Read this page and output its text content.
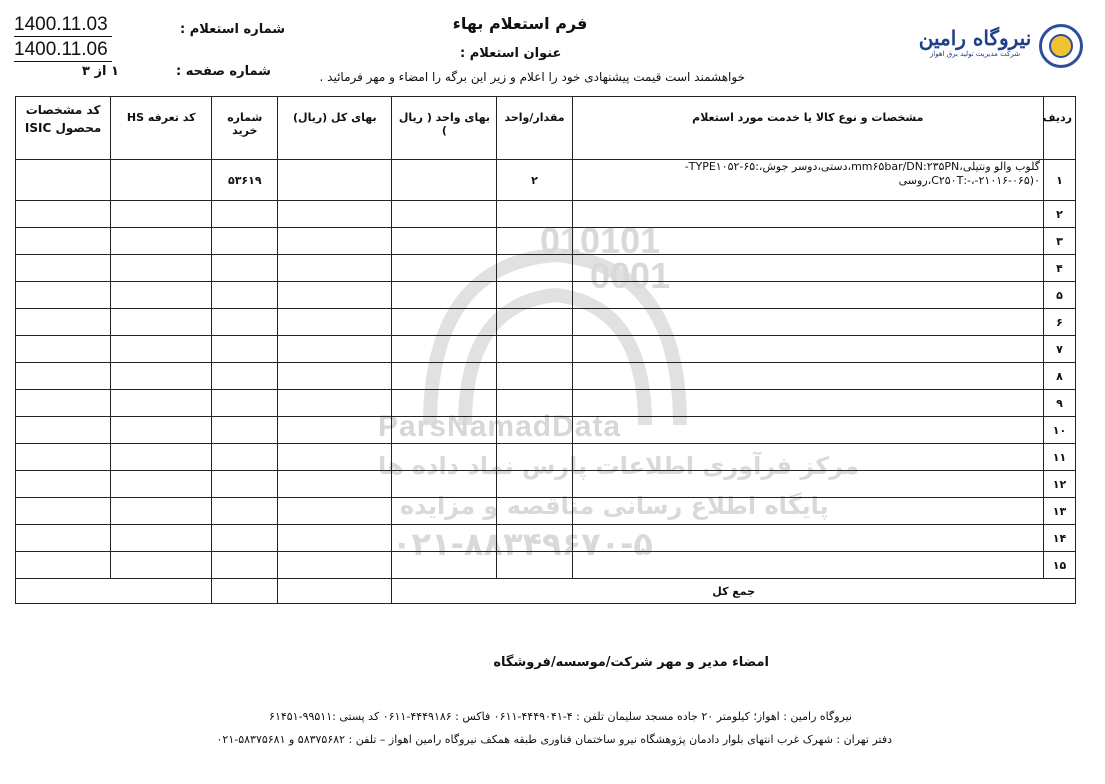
010101
0001
ParsNamadData
مرکز فرآوری اطلاعات پارس نماد داده ها
پایگاه اطلاع رسانی مناقصه و مزایده
۰۲۱-۸۸۳۴۹۶۷۰-۵
1400.11.03
1400.11.06
شماره استعلام :
شماره صفحه :
۱ از ۳
فرم استعلام بهاء
عنوان استعلام :
خواهشمند است قیمت پیشنهادی خود را اعلام و زیر این برگه را امضاء و مهر فرمائید .
نیروگاه رامین
شرکت مدیریت تولید برق اهواز
ردیف	مشخصات و نوع کالا یا خدمت مورد استعلام	مقدار/واحد	بهای واحد ( ریال )	بهای کل (ریال)	شماره خرید	کد تعرفه HS	کد مشخصات
محصول ISIC

۱	گلوب والو ونتیلی،mm۶۵bar/DN:۲۳۵PN،دستی،دوسر جوش،:TYPE۱۰۵۲-۶۵-
۰(۲۱۰۱۶-۰۶۵-،-:C۲۵۰T،روسی	۲			۵۳۶۱۹		
۲							
۳							
۴							
۵							
۶							
۷							
۸							
۹							
۱۰							
۱۱							
۱۲							
۱۳							
۱۴							
۱۵							
جمع کل							
امضاء مدیر و مهر شرکت/موسسه/فروشگاه
نیروگاه رامین : اهواز؛ کیلومتر ۲۰ جاده مسجد سلیمان تلفن : ۴-۴۴۴۹۰۴۱-۰۶۱۱ فاکس : ۴۴۴۹۱۸۶-۰۶۱۱ کد پستی :۹۹۵۱۱-۶۱۴۵۱
دفتر تهران : شهرک غرب انتهای بلوار دادمان پژوهشگاه نیرو ساختمان فناوری طبقه همکف نیروگاه رامین اهواز – تلفن : ۵۸۳۷۵۶۸۲ و ۵۸۳۷۵۶۸۱-۰۲۱
